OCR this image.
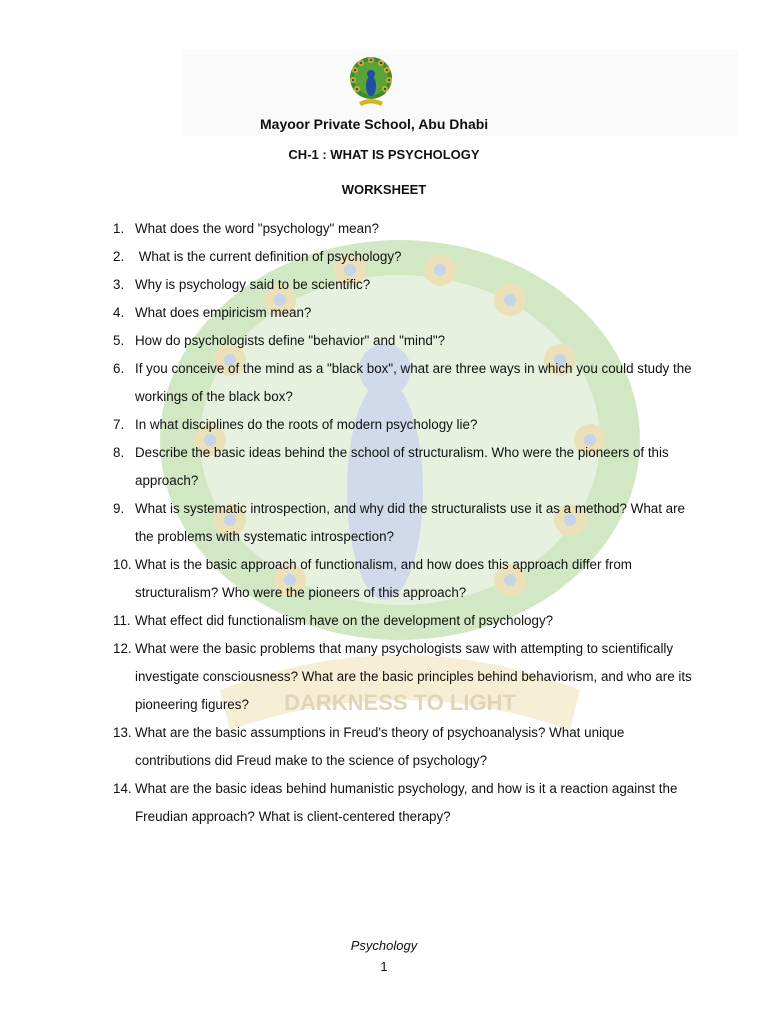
DARKNESS TO LIGHT
Mayoor Private School, Abu Dhabi
CH-1 : WHAT IS PSYCHOLOGY
WORKSHEET
1. What does the word "psychology" mean?
2. What is the current definition of psychology?
3. Why is psychology said to be scientific?
4. What does empiricism mean?
5. How do psychologists define "behavior" and "mind"?
6. If you conceive of the mind as a "black box", what are three ways in which you could study the workings of the black box?
7. In what disciplines do the roots of modern psychology lie?
8. Describe the basic ideas behind the school of structuralism. Who were the pioneers of this approach?
9. What is systematic introspection, and why did the structuralists use it as a method? What are the problems with systematic introspection?
10. What is the basic approach of functionalism, and how does this approach differ from structuralism? Who were the pioneers of this approach?
11. What effect did functionalism have on the development of psychology?
12. What were the basic problems that many psychologists saw with attempting to scientifically investigate consciousness? What are the basic principles behind behaviorism, and who are its pioneering figures?
13. What are the basic assumptions in Freud's theory of psychoanalysis? What unique contributions did Freud make to the science of psychology?
14. What are the basic ideas behind humanistic psychology, and how is it a reaction against the Freudian approach? What is client-centered therapy?
Psychology
1
